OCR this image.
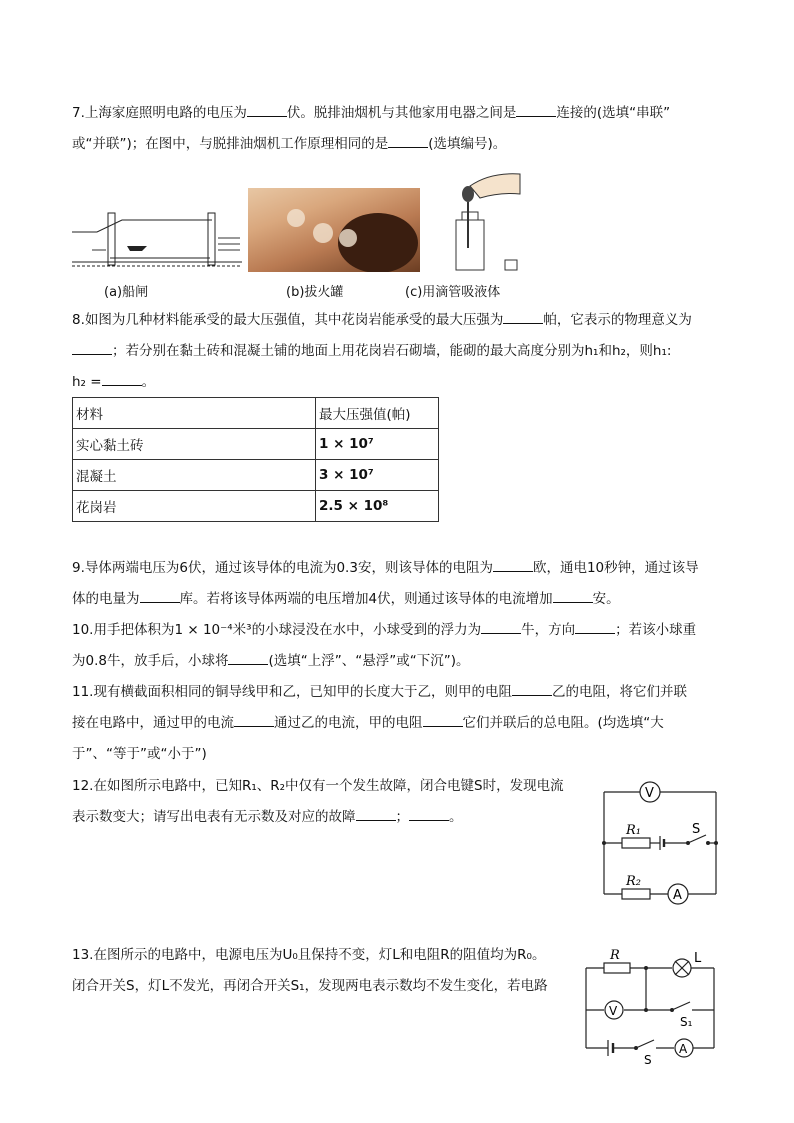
7.上海家庭照明电路的电压为	伏。脱排油烟机与其他家用电器之间是	连接的(选填“串联”
或“并联”)；在图中，与脱排油烟机工作原理相同的是	(选填编号)。
(a)船闸	(b)拔火罐	(c)用滴管吸液体
8.如图为几种材料能承受的最大压强值，其中花岗岩能承受的最大压强为	帕，它表示的物理意义为
；若分别在黏土砖和混凝土铺的地面上用花岗岩石砌墙，能砌的最大高度分别为h₁和h₂，则h₁:
h₂ =	。
材料	最大压强值(帕)
实心黏土砖	1 × 10⁷
混凝土	3 × 10⁷
花岗岩	2.5 × 10⁸
9.导体两端电压为6伏，通过该导体的电流为0.3安，则该导体的电阻为	欧，通电10秒钟，通过该导
体的电量为	库。若将该导体两端的电压增加4伏，则通过该导体的电流增加	安。
10.用手把体积为1 × 10⁻⁴米³的小球浸没在水中，小球受到的浮力为	牛，方向	；若该小球重
为0.8牛，放手后，小球将	(选填“上浮”、“悬浮”或“下沉”)。
11.现有横截面积相同的铜导线甲和乙，已知甲的长度大于乙，则甲的电阻	乙的电阻，将它们并联
接在电路中，通过甲的电流	通过乙的电流，甲的电阻	它们并联后的总电阻。(均选填“大
于”、“等于”或“小于”)
12.在如图所示电路中，已知R₁、R₂中仅有一个发生故障，闭合电键S时，发现电流
表示数变大；请写出电表有无示数及对应的故障	；	。
V
R₁	S
R₂
A
13.在图所示的电路中，电源电压为U₀且保持不变，灯L和电阻R的阻值均为R₀。
闭合开关S，灯L不发光，再闭合开关S₁，发现两电表示数均不发生变化，若电路
R	L
V
S₁
S
A
